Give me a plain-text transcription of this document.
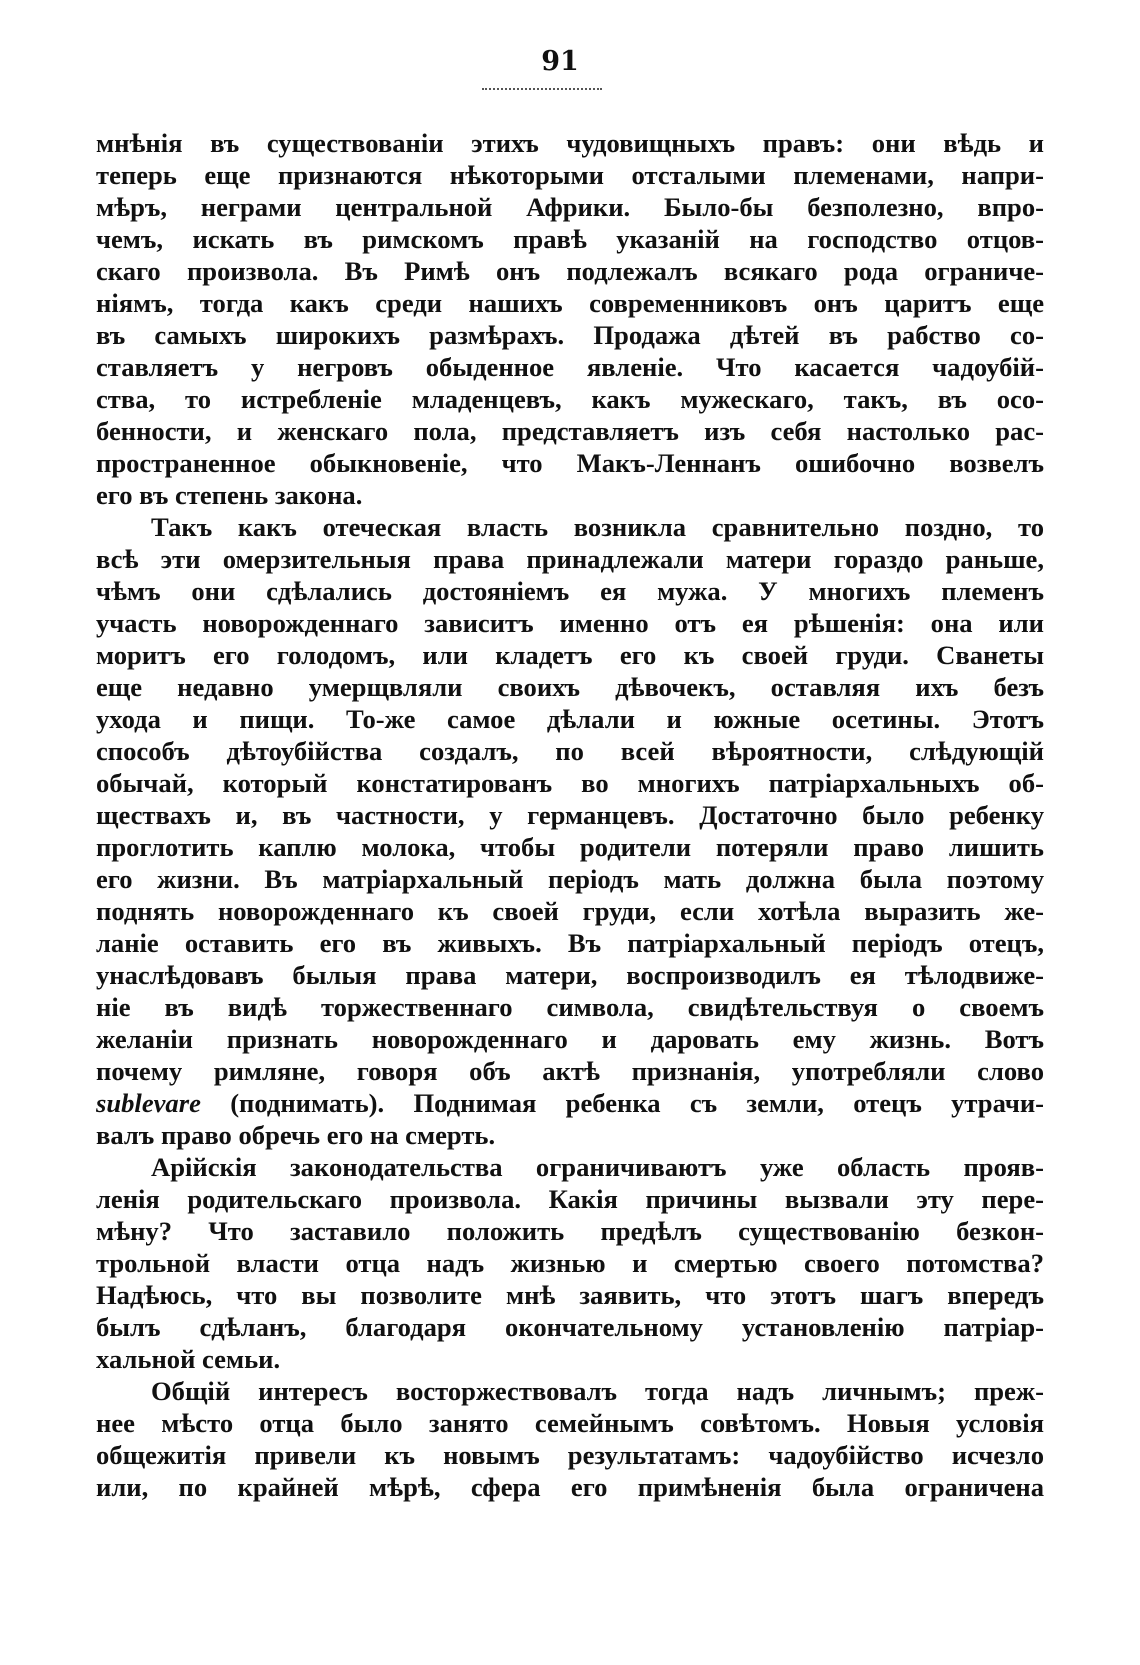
91
мнѣнія въ существованіи этихъ чудовищныхъ правъ: они вѣдь и
теперь еще признаются нѣкоторыми отсталыми племенами, напри-
мѣръ, неграми центральной Африки. Было-бы безполезно, впро-
чемъ, искать въ римскомъ правѣ указаній на господство отцов-
скаго произвола. Въ Римѣ онъ подлежалъ всякаго рода ограниче-
ніямъ, тогда какъ среди нашихъ современниковъ онъ царитъ еще
въ самыхъ широкихъ размѣрахъ. Продажа дѣтей въ рабство со-
ставляетъ у негровъ обыденное явленіе. Что касается чадоубій-
ства, то истребленіе младенцевъ, какъ мужескаго, такъ, въ осо-
бенности, и женскаго пола, представляетъ изъ себя настолько рас-
пространенное обыкновеніе, что Макъ-Леннанъ ошибочно возвелъ
его въ степень закона.
Такъ какъ отеческая власть возникла сравнительно поздно, то
всѣ эти омерзительныя права принадлежали матери гораздо раньше,
чѣмъ они сдѣлались достояніемъ ея мужа. У многихъ племенъ
участь новорожденнаго зависитъ именно отъ ея рѣшенія: она или
моритъ его голодомъ, или кладетъ его къ своей груди. Сванеты
еще недавно умерщвляли своихъ дѣвочекъ, оставляя ихъ безъ
ухода и пищи. То-же самое дѣлали и южные осетины. Этотъ
способъ дѣтоубійства создалъ, по всей вѣроятности, слѣдующій
обычай, который констатированъ во многихъ патріархальныхъ об-
ществахъ и, въ частности, у германцевъ. Достаточно было ребенку
проглотить каплю молока, чтобы родители потеряли право лишить
его жизни. Въ матріархальный періодъ мать должна была поэтому
поднять новорожденнаго къ своей груди, если хотѣла выразить же-
ланіе оставить его въ живыхъ. Въ патріархальный періодъ отецъ,
унаслѣдовавъ былыя права матери, воспроизводилъ ея тѣлодвиже-
ніе въ видѣ торжественнаго символа, свидѣтельствуя о своемъ
желаніи признать новорожденнаго и даровать ему жизнь. Вотъ
почему римляне, говоря объ актѣ признанія, употребляли слово
sublevare (поднимать). Поднимая ребенка съ земли, отецъ утрачи-
валъ право обречь его на смерть.
Арійскія законодательства ограничиваютъ уже область прояв-
ленія родительскаго произвола. Какія причины вызвали эту пере-
мѣну? Что заставило положить предѣлъ существованію безкон-
трольной власти отца надъ жизнью и смертью своего потомства?
Надѣюсь, что вы позволите мнѣ заявить, что этотъ шагъ впередъ
былъ сдѣланъ, благодаря окончательному установленію патріар-
хальной семьи.
Общій интересъ восторжествовалъ тогда надъ личнымъ; преж-
нее мѣсто отца было занято семейнымъ совѣтомъ. Новыя условія
общежитія привели къ новымъ результатамъ: чадоубійство исчезло
или, по крайней мѣрѣ, сфера его примѣненія была ограничена
